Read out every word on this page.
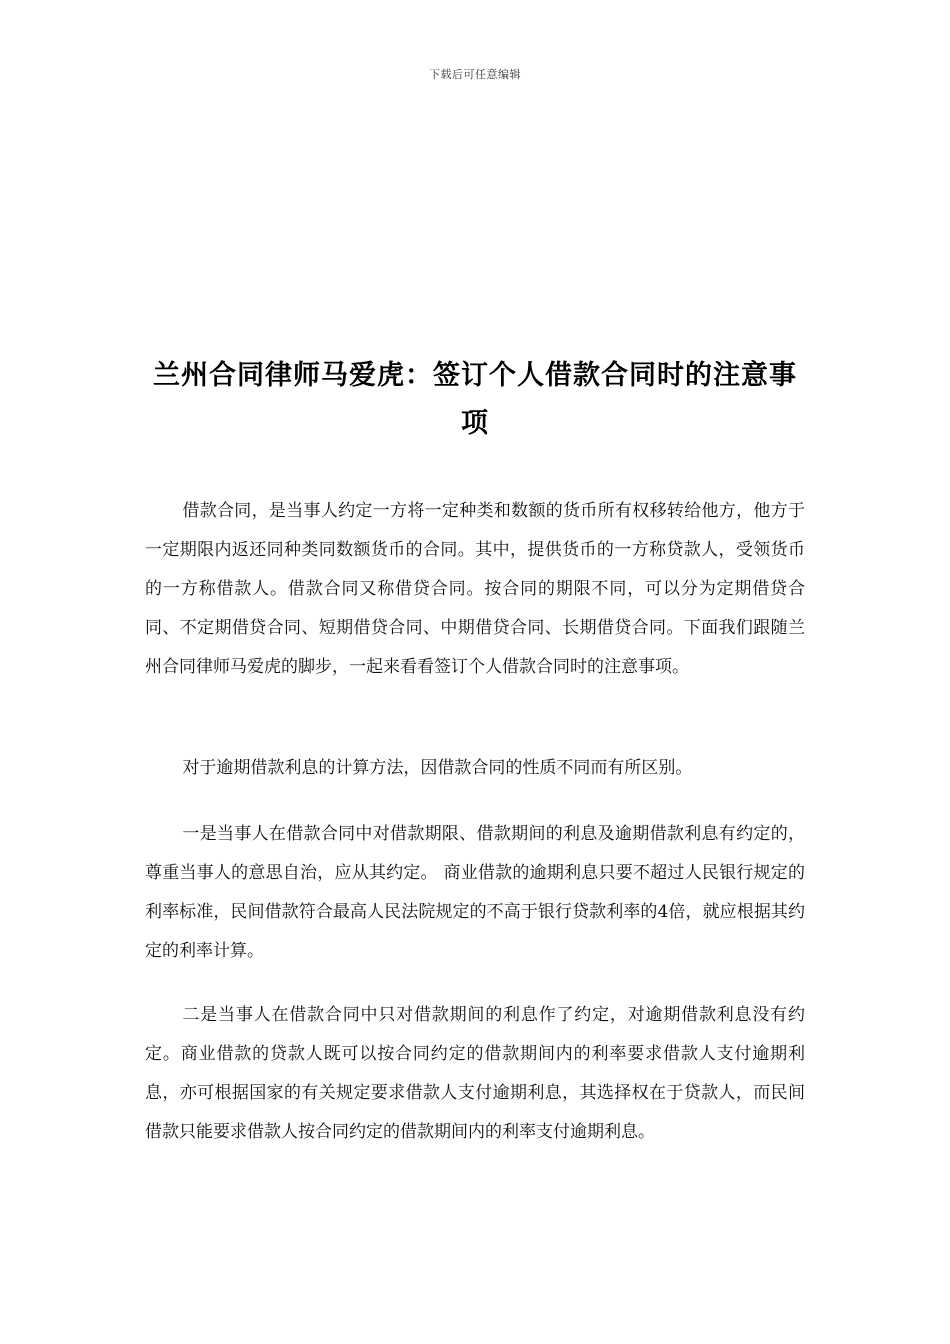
下载后可任意编辑
兰州合同律师马爱虎：签订个人借款合同时的注意事项

借款合同，是当事人约定一方将一定种类和数额的货币所有权移转给他方，他方于一定期限内返还同种类同数额货币的合同。其中，提供货币的一方称贷款人，受领货币的一方称借款人。借款合同又称借贷合同。按合同的期限不同，可以分为定期借贷合同、不定期借贷合同、短期借贷合同、中期借贷合同、长期借贷合同。下面我们跟随兰州合同律师马爱虎的脚步，一起来看看签订个人借款合同时的注意事项。

对于逾期借款利息的计算方法，因借款合同的性质不同而有所区别。

一是当事人在借款合同中对借款期限、借款期间的利息及逾期借款利息有约定的，尊重当事人的意思自治，应从其约定。 商业借款的逾期利息只要不超过人民银行规定的利率标准，民间借款符合最高人民法院规定的不高于银行贷款利率的4倍，就应根据其约定的利率计算。

二是当事人在借款合同中只对借款期间的利息作了约定，对逾期借款利息没有约定。商业借款的贷款人既可以按合同约定的借款期间内的利率要求借款人支付逾期利息，亦可根据国家的有关规定要求借款人支付逾期利息，其选择权在于贷款人，而民间借款只能要求借款人按合同约定的借款期间内的利率支付逾期利息。
